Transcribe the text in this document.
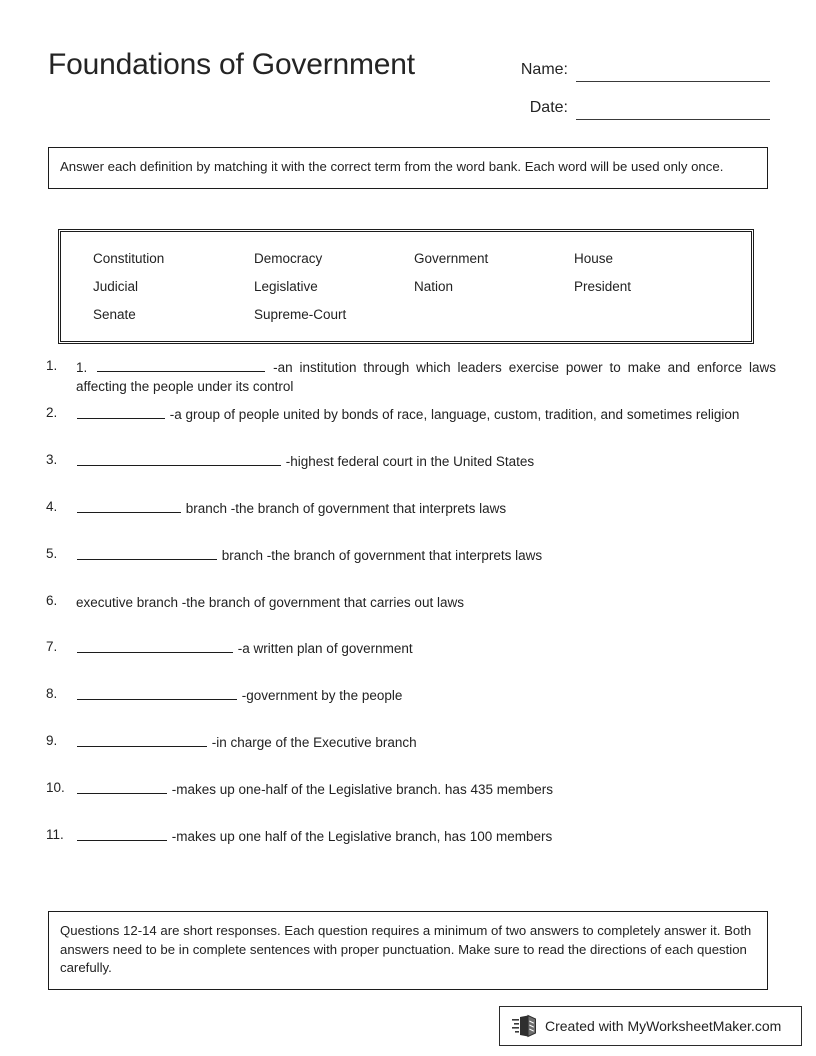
Foundations of Government	Name:
Date:
Answer each definition by matching it with the correct term from the word bank. Each word will be used only once.
Constitution	Democracy	Government	House
Judicial	Legislative	Nation	President
Senate	Supreme-Court
1.	1.	-an institution through which leaders exercise power to make and enforce laws affecting the people under its control
2.	-a group of people united by bonds of race, language, custom, tradition, and sometimes religion
3.	-highest federal court in the United States
4.	branch -the branch of government that interprets laws
5.	branch -the branch of government that interprets laws
6.	executive branch -the branch of government that carries out laws
7.	-a written plan of government
8.	-government by the people
9.	-in charge of the Executive branch
10.	-makes up one-half of the Legislative branch. has 435 members
11.	-makes up one half of the Legislative branch, has 100 members
Questions 12-14 are short responses. Each question requires a minimum of two answers to completely answer it. Both answers need to be in complete sentences with proper punctuation. Make sure to read the directions of each question carefully.
Created with MyWorksheetMaker.com
